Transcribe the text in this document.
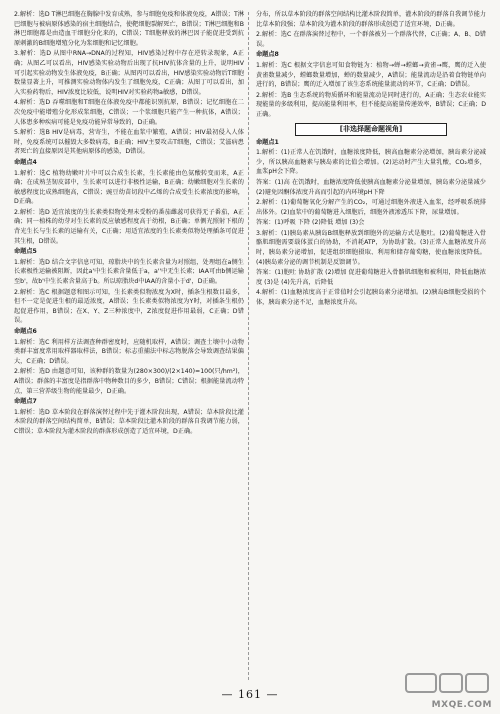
2.解析：选D T淋巴细胞在胸腺中发育成熟，参与细胞免疫和体液免疫，A错误；T淋巴细胞与被病原体感染的宿主细胞结合，使靶细胞裂解死亡，B错误；T淋巴细胞和B淋巴细胞都是由造血干细胞分化来的，C错误；T细胞释放的淋巴因子能促进受到抗原刺激的B细胞增殖分化为浆细胞和记忆细胞。
3.解析：选D 从图中RNA→DNA的过程知，HIV感染过程中存在逆转录现象，A正确；从图乙可以看出，HIV感染实验动物后出现了抗HIV抗体含量的上升，说明HIV可引起实验动物发生体液免疫，B正确；从图丙可以看出，HIV感染实验动物后T细胞数量显著上升，可推测实验动物体内发生了细胞免疫，C正确；从图丁可以看出，加入实验药物后，HIV浓度比较低，说明HIV对实验药物a敏感，D错误。
4.解析：选D 吞噬细胞和T细胞在体液免疫中都能识别抗原，B错误；记忆细胞在二次免疫中能增殖分化形成浆细胞，C错误；一个浆细胞只能产生一种抗体，A错误；人体患多种疾病可能是免疫功能异常导致的，D正确。
5.解析：选B HIV是病毒，营寄生，不能在血浆中繁殖，A错误；HIV最初侵入人体时，免疫系统可以摧毁大多数病毒，B正确；HIV主要攻击T细胞，C错误；艾滋病患者死亡的直接原因是其他病原体的感染，D错误。
命题点4
1.解析：选C 植物幼嫩叶片中可以合成生长素，生长素能由色氨酸转变而来，A正确；在成熟茎韧皮部中，生长素可以进行非极性运输，B正确；幼嫩细胞对生长素的敏感程度比成熟细胞高，C错误；豌豆幼苗切段中乙烯的合成受生长素浓度的影响，D正确。
2.解析：选D 适宜浓度的生长素类似物处理未受粉的番茄雌蕊可获得无子番茄，A正确；同一植株的幼芽对生长素的反应敏感程度高于幼根，B正确；单侧光照射下根的背光生长与生长素的运输有关，C正确；用适宜浓度的生长素类似物处理插条可促进其生根，D错误。
命题点5
1.解析：选D 结合文字信息可知，琼脂块中的生长素含量为对照组，处理组在a侧生长素极性运输被阻断，因此a'中生长素含量低于a，a''中无生长素；IAA可由b侧运输至b'，故b'中生长素含量高于b。所以琼脂块d中IAA的含量小于d'，D正确。
2.解析：选C 根据题意和图示可知，生长素类似物浓度为X时，插条生根数目最多，但不一定是促进生根的最适浓度，A错误；生长素类似物浓度为Y时，对插条生根仍起促进作用，B错误；在X、Y、Z三种浓度中，Z浓度促进作用最弱，C正确；D错误。
命题点6
1.解析：选C 利用样方法调查种群密度时，应随机取样，A错误；调查土壤中小动物类群丰富度常用取样器取样法，B错误；标志重捕法中标志物脱落会导致调查结果偏大，C正确；D错误。
2.解析：选D 由题意可知，该种群的数量为(280×300)/(2×140)=100(只/hm²)，A错误；群落的丰富度是指群落中物种数目的多少，B错误；C错误；根据能量流动特点，第三营养级生物的能量最少，D正确。
命题点7
1.解析：选D 草本阶段在群落演替过程中先于灌木阶段出现，A错误；草本阶段比灌木阶段的群落空间结构简单，B错误；草本阶段比灌木阶段的群落自我调节能力弱，C错误；草本阶段为灌木阶段的群落形成创造了适宜环境，D正确。
分布，所以草本阶段的群落空间结构比灌木阶段简单，灌木阶段的群落自我调节能力比草本阶段强；草本阶段为灌木阶段的群落形成创造了适宜环境，D正确。
2.解析：选C 在群落演替过程中，一个群落被另一个群落代替，C正确；A、B、D错误。
命题点8
1.解析：选C 根据文字信息可知食物链为：植物→蝉→螳螂→黄雀→鹰，鹰的迁入使黄雀数量减少，螳螂数量增加，蝉的数量减少，A错误；能量流动是沿着食物链单向进行的，B错误；鹰的迁入增加了该生态系统能量流动的环节，C正确；D错误。
2.解析：选B 生态系统的物质循环和能量流动是同时进行的，A正确；生态农业能实现能量的多级利用，提高能量利用率，但不能提高能量传递效率，B错误；C正确；D正确。
[非选择题命题视角]
命题点1
1.解析：(1)正常人在饥饿时，血糖浓度降低，胰高血糖素分泌增加，胰岛素分泌减少，所以胰高血糖素与胰岛素的比值会增加。(2)运动时产生大量乳酸，CO₂增多，血浆pH会下降。
答案：(1)高 在饥饿时，血糖浓度降低使胰高血糖素分泌量增加，胰岛素分泌量减少 (2)避免因酮体浓度升高而引起的内环境pH下降
2.解析：(1)葡萄糖氧化分解产生的CO₂，可通过细胞外液进入血浆，经呼吸系统排出体外。(2)血浆中的葡萄糖进入细胞后，细胞外液渗透压下降，尿量增加。
答案：(1)呼吸 下降 (2)降低 增加 (3)会
3.解析：(1)胰岛素从胰岛B细胞释放到细胞外的运输方式是胞吐。(2)葡萄糖进入骨骼肌细胞需要载体蛋白的协助，不消耗ATP，为协助扩散。(3)正常人血糖浓度升高时，胰岛素分泌增加，促进组织细胞摄取、利用和储存葡萄糖，使血糖浓度降低。(4)胰岛素分泌的调节机制是反馈调节。
答案：(1)胞吐 协助扩散 (2)增加 促进葡萄糖进入骨骼肌细胞和被利用，降低血糖浓度 (3)是 (4)先升高，后降低
4.解析：(1)血糖浓度高于正常值时会引起胰岛素分泌增加。(2)胰岛B细胞受损的个体，胰岛素分泌不足，血糖浓度升高。
— 161 —
MXQE.COM
